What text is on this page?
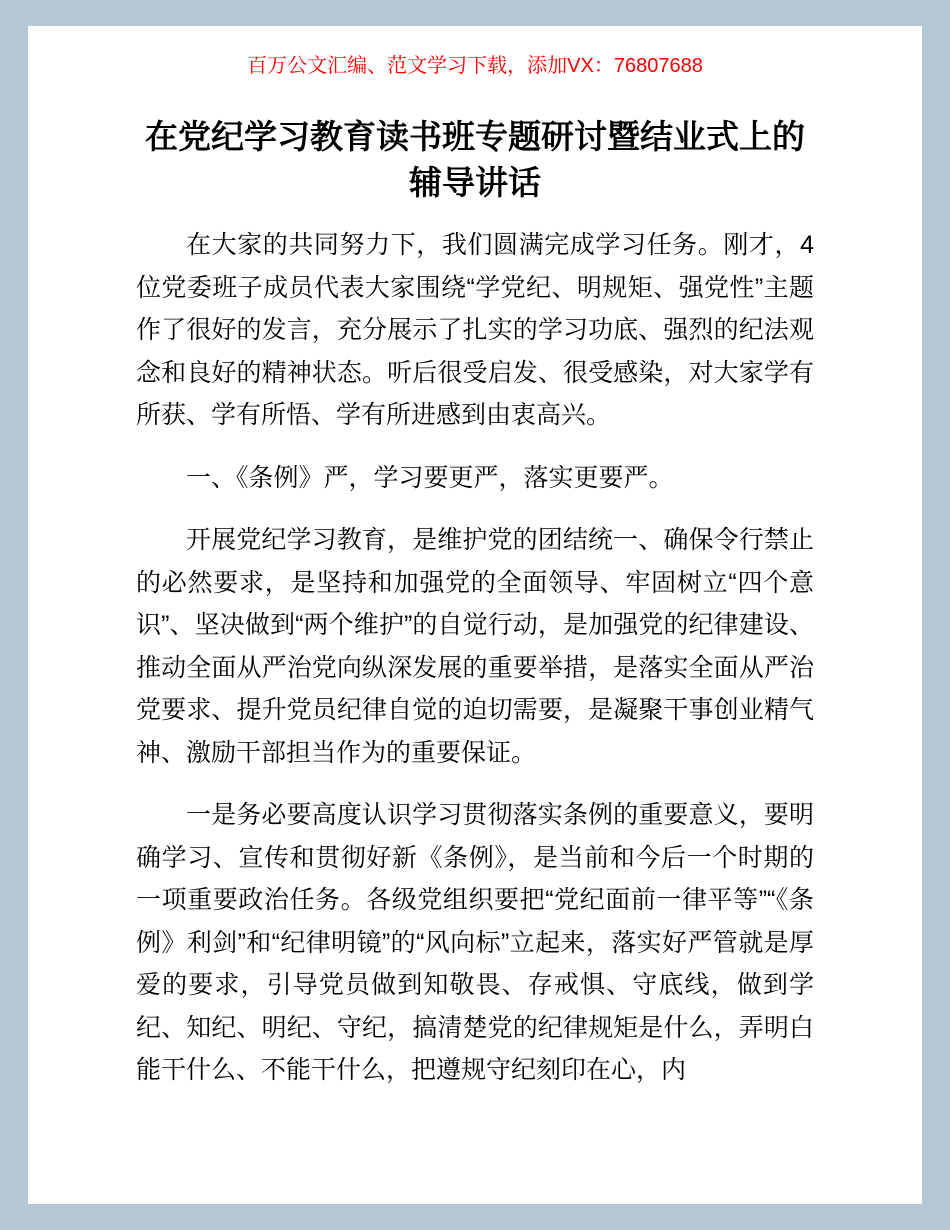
百万公文汇编、范文学习下载，添加VX：76807688
在党纪学习教育读书班专题研讨暨结业式上的辅导讲话

在大家的共同努力下，我们圆满完成学习任务。刚才，4位党委班子成员代表大家围绕“学党纪、明规矩、强党性”主题作了很好的发言，充分展示了扎实的学习功底、强烈的纪法观念和良好的精神状态。听后很受启发、很受感染，对大家学有所获、学有所悟、学有所进感到由衷高兴。

一、《条例》严，学习要更严，落实更要严。

开展党纪学习教育，是维护党的团结统一、确保令行禁止的必然要求，是坚持和加强党的全面领导、牢固树立“四个意识”、坚决做到“两个维护”的自觉行动，是加强党的纪律建设、推动全面从严治党向纵深发展的重要举措，是落实全面从严治党要求、提升党员纪律自觉的迫切需要，是凝聚干事创业精气神、激励干部担当作为的重要保证。

一是务必要高度认识学习贯彻落实条例的重要意义，要明确学习、宣传和贯彻好新《条例》，是当前和今后一个时期的一项重要政治任务。各级党组织要把“党纪面前一律平等”“《条例》利剑”和“纪律明镜”的“风向标”立起来，落实好严管就是厚爱的要求，引导党员做到知敬畏、存戒惧、守底线，做到学纪、知纪、明纪、守纪，搞清楚党的纪律规矩是什么，弄明白能干什么、不能干什么，把遵规守纪刻印在心，内
